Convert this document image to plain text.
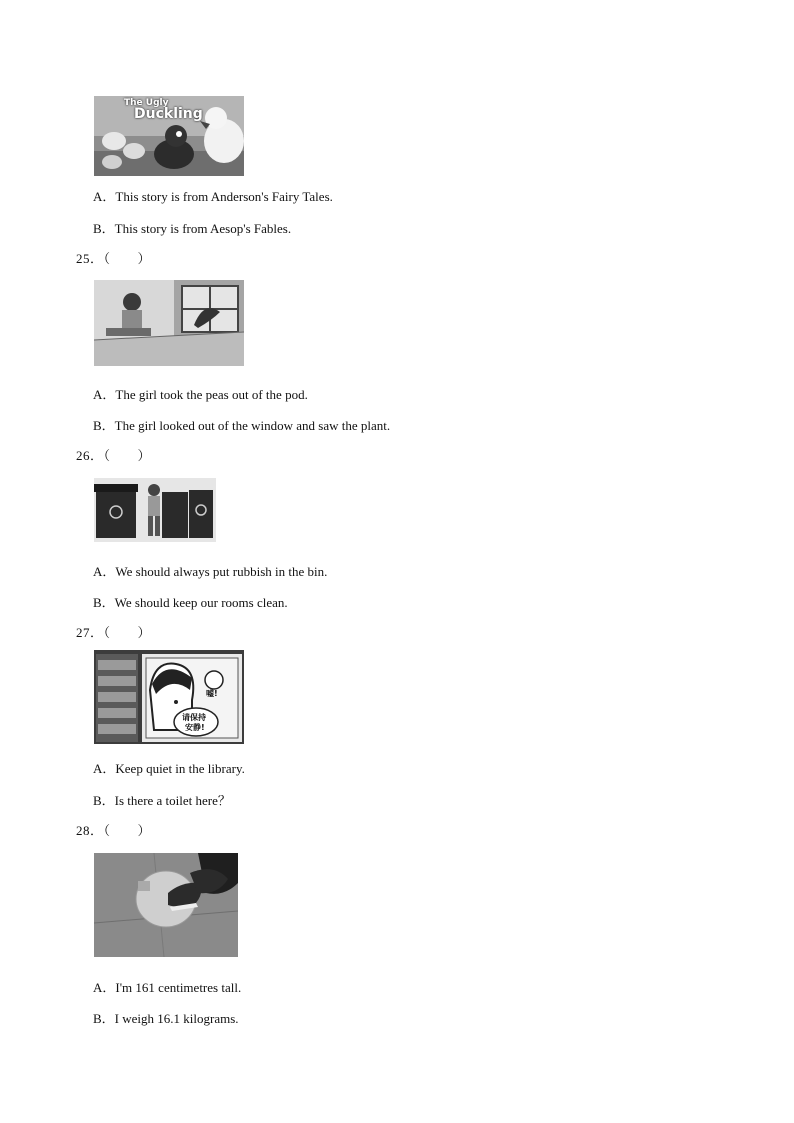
The Ugly
Duckling
A．This story is from Anderson's Fairy Tales.
B．This story is from Aesop's Fables.
25．（　　）
A．The girl took the peas out of the pod.
B．The girl looked out of the window and saw the plant.
26．（　　）
A．We should always put rubbish in the bin.
B．We should keep our rooms clean.
27．（　　）
嘘!
请保持
安静!
A．Keep quiet in the library.
B．Is there a toilet here？
28．（　　）
A．I'm 161 centimetres tall.
B．I weigh 16.1 kilograms.
